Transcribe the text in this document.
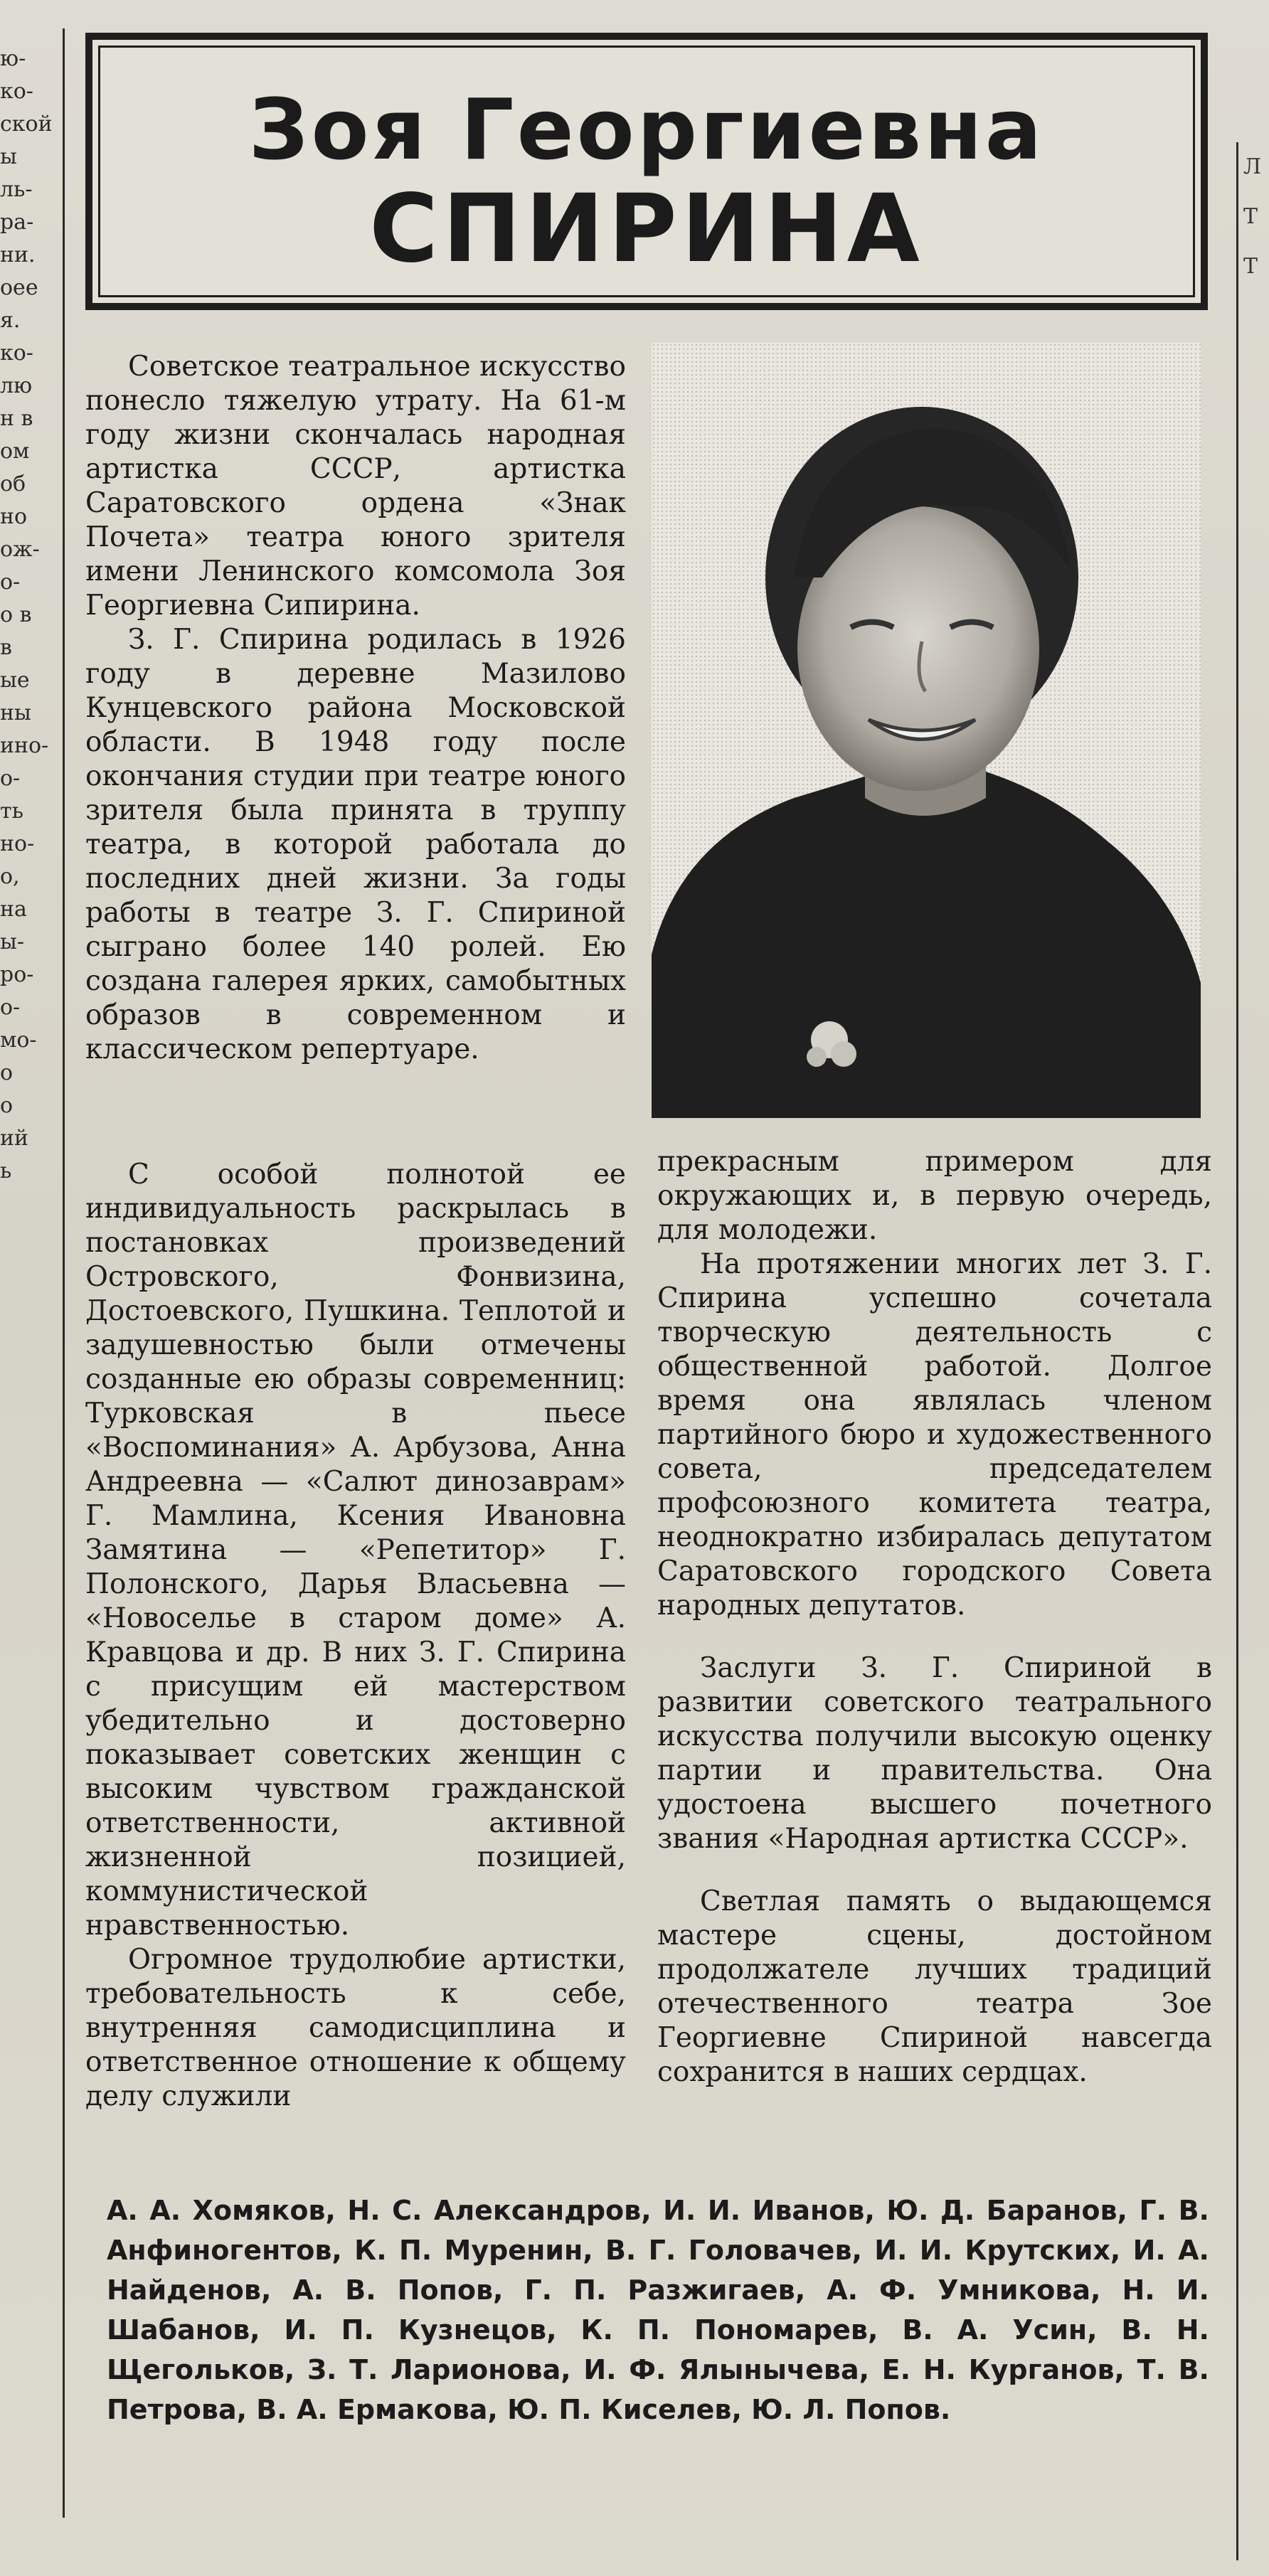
ю-
ко-
ской
ы
ль-
ра-
ни.
оее
я.
ко-
лю
н в
ом
об
но
ож-
о-
о в
в
ые
ны
ино-
о-
ть
но-
о,
на
ы-
ро-
о-
мо-
о
о
ий
ь
Л
Т
Т
Зоя Георгиевна
СПИРИНА

Советское театральное искусство понесло тяжелую утрату. На 61-м году жизни скончалась народная артистка СССР, артистка Саратовского ордена «Знак Почета» театра юного зрителя имени Ленинского комсомола Зоя Георгиевна Сипирина.

З. Г. Спирина родилась в 1926 году в деревне Мазилово Кунцевского района Московской области. В 1948 году после окончания студии при театре юного зрителя была принята в труппу театра, в которой работала до последних дней жизни. За годы работы в театре З. Г. Спириной сыграно более 140 ролей. Ею создана галерея ярких, самобытных образов в современном и классическом репертуаре.

С особой полнотой ее индивидуальность раскрылась в постановках произведений Островского, Фонвизина, Достоевского, Пушкина. Теплотой и задушевностью были отмечены созданные ею образы современниц: Турковская в пьесе «Воспоминания» А. Арбузова, Анна Андреевна — «Салют динозаврам» Г. Мамлина, Ксения Ивановна Замятина — «Репетитор» Г. Полонского, Дарья Власьевна — «Новоселье в старом доме» А. Кравцова и др. В них З. Г. Спирина с присущим ей мастерством убедительно и достоверно показывает советских женщин с высоким чувством гражданской ответственности, активной жизненной позицией, коммунистической нравственностью.

Огромное трудолюбие артистки, требовательность к себе, внутренняя самодисциплина и ответственное отношение к общему делу служили

прекрасным примером для окружающих и, в первую очередь, для молодежи.

На протяжении многих лет З. Г. Спирина успешно сочетала творческую деятельность с общественной работой. Долгое время она являлась членом партийного бюро и художественного совета, председателем профсоюзного комитета театра, неоднократно избиралась депутатом Саратовского городского Совета народных депутатов.

Заслуги З. Г. Спириной в развитии советского театрального искусства получили высокую оценку партии и правительства. Она удостоена высшего почетного звания «Народная артистка СССР».

Светлая память о выдающемся мастере сцены, достойном продолжателе лучших традиций отечественного театра Зое Георгиевне Спириной навсегда сохранится в наших сердцах.

А. А. Хомяков, Н. С. Александров, И. И. Иванов, Ю. Д. Баранов, Г. В. Анфиногентов, К. П. Муренин, В. Г. Головачев, И. И. Крутских, И. А. Найденов, А. В. Попов, Г. П. Разжигаев, А. Ф. Умникова, Н. И. Шабанов, И. П. Кузнецов, К. П. Пономарев, В. А. Усин, В. Н. Щегольков, З. Т. Ларионова, И. Ф. Ялынычева, Е. Н. Курганов, Т. В. Петрова, В. А. Ермакова, Ю. П. Киселев, Ю. Л. Попов.
